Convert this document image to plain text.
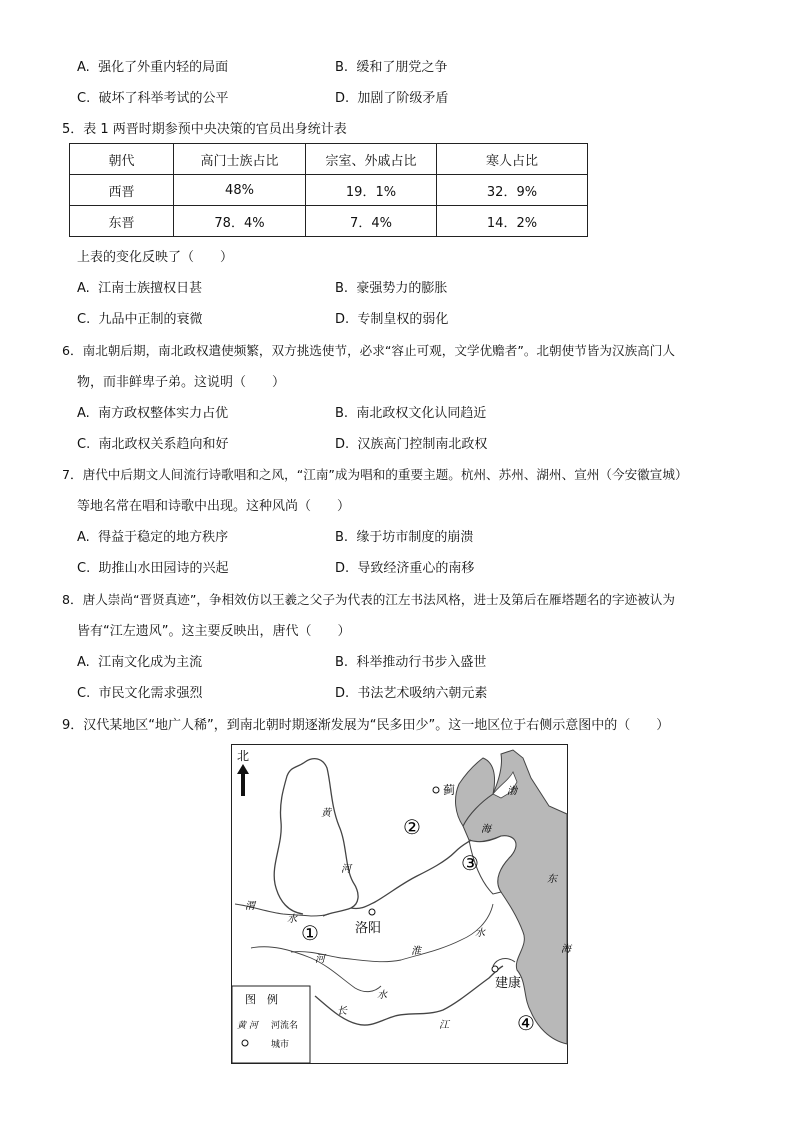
A. 强化了外重内轻的局面	B. 缓和了朋党之争
C. 破坏了科举考试的公平	D. 加剧了阶级矛盾
5．表 1 两晋时期参预中央决策的官员出身统计表
朝代	高门士族占比	宗室、外戚占比	寒人占比
西晋	48%	19．1%	32．9%
东晋	78．4%	7．4%	14．2%
上表的变化反映了（　　）
A. 江南士族擅权日甚	B. 豪强势力的膨胀
C. 九品中正制的衰微	D. 专制皇权的弱化
6．南北朝后期，南北政权遣使频繁，双方挑选使节，必求“容止可观，文学优赡者”。北朝使节皆为汉族高门人
物，而非鲜卑子弟。这说明（　　）
A. 南方政权整体实力占优	B. 南北政权文化认同趋近
C. 南北政权关系趋向和好	D. 汉族高门控制南北政权
7．唐代中后期文人间流行诗歌唱和之风，“江南”成为唱和的重要主题。杭州、苏州、湖州、宣州（今安徽宣城）
等地名常在唱和诗歌中出现。这种风尚（　　）
A. 得益于稳定的地方秩序	B. 缘于坊市制度的崩溃
C. 助推山水田园诗的兴起	D. 导致经济重心的南移
8．唐人崇尚“晋贤真迹”，争相效仿以王羲之父子为代表的江左书法风格，进士及第后在雁塔题名的字迹被认为
皆有“江左遗风”。这主要反映出，唐代（　　）
A. 江南文化成为主流	B. 科举推动行书步入盛世
C. 市民文化需求强烈	D. 书法艺术吸纳六朝元素
9．汉代某地区“地广人稀”，到南北朝时期逐渐发展为“民多田少”。这一地区位于右侧示意图中的（　　）
北
蓟
洛阳
建康
②
③
①
④
渤
海
东
海
黄
河
渭
水
水
淮
河
水
长
江
图　例
黄 河 河流名
城市
